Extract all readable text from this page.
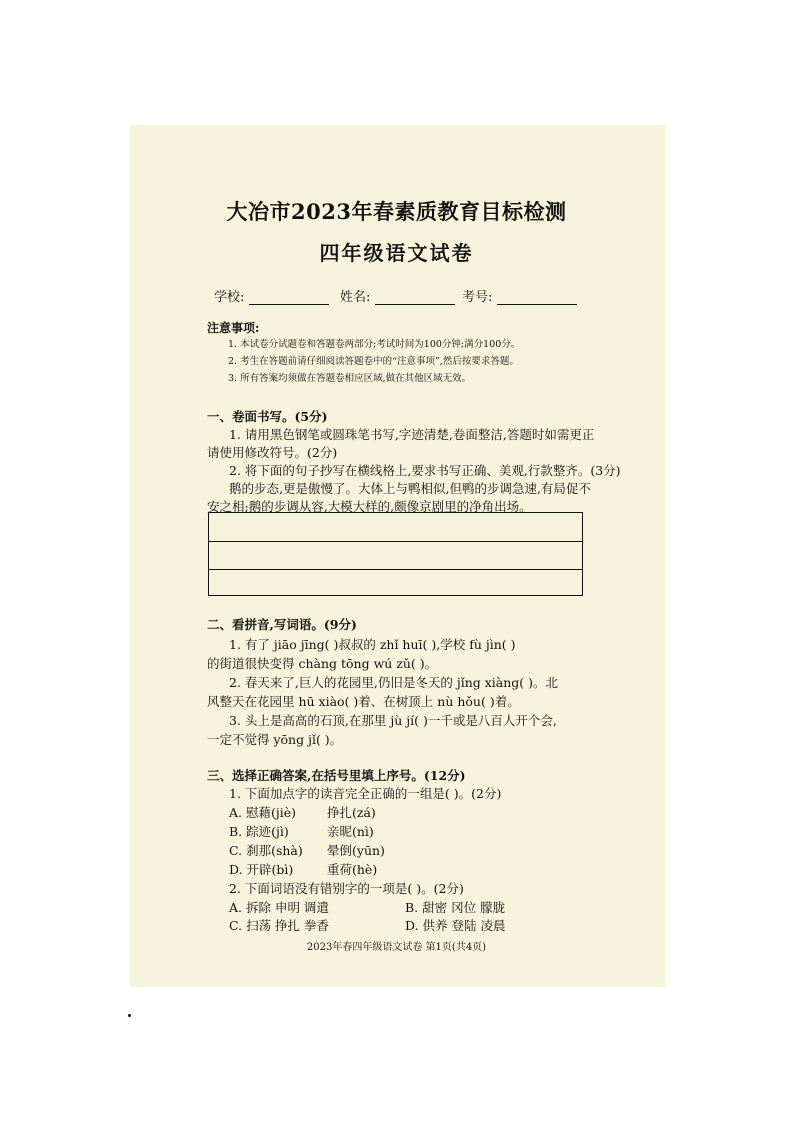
大冶市2023年春素质教育目标检测
四年级语文试卷
学校:	姓名:	考号:
注意事项:
1. 本试卷分试题卷和答题卷两部分;考试时间为100分钟;满分100分。
2. 考生在答题前请仔细阅读答题卷中的“注意事项”,然后按要求答题。
3. 所有答案均须做在答题卷相应区域,做在其他区域无效。
一、卷面书写。(5分)
1. 请用黑色钢笔或圆珠笔书写,字迹清楚,卷面整洁,答题时如需更正
请使用修改符号。(2分)
2. 将下面的句子抄写在横线格上,要求书写正确、美观,行款整齐。(3分)
鹅的步态,更是傲慢了。大体上与鸭相似,但鸭的步调急速,有局促不
安之相;鹅的步调从容,大模大样的,颇像京剧里的净角出场。
二、看拼音,写词语。(9分)
1. 有了 jiāo jīng( )叔叔的 zhǐ huī( ),学校 fù jìn( )
的街道很快变得 chàng tōng wú zǔ( )。
2. 春天来了,巨人的花园里,仍旧是冬天的 jǐng xiàng( )。北
风整天在花园里 hū xiào( )着、在树顶上 nù hǒu( )着。
3. 头上是高高的石顶,在那里 jù jí( )一千或是八百人开个会,
一定不觉得 yōng jǐ( )。
三、选择正确答案,在括号里填上序号。(12分)
1. 下面加点字的读音完全正确的一组是( )。(2分)
A. 慰藉(jiè) 挣扎(zá)
B. 踪迹(jì)	亲昵(nì)
C. 刹那(shà) 晕倒(yūn)
D. 开辟(bì)	重荷(hè)
2. 下面词语没有错别字的一项是( )。(2分)
A. 拆除 申明 调遣	B. 甜密 冈位 朦胧
C. 扫荡 挣扎 拳香	D. 供养 登陆 凌晨
2023年春四年级语文试卷 第1页(共4页)
